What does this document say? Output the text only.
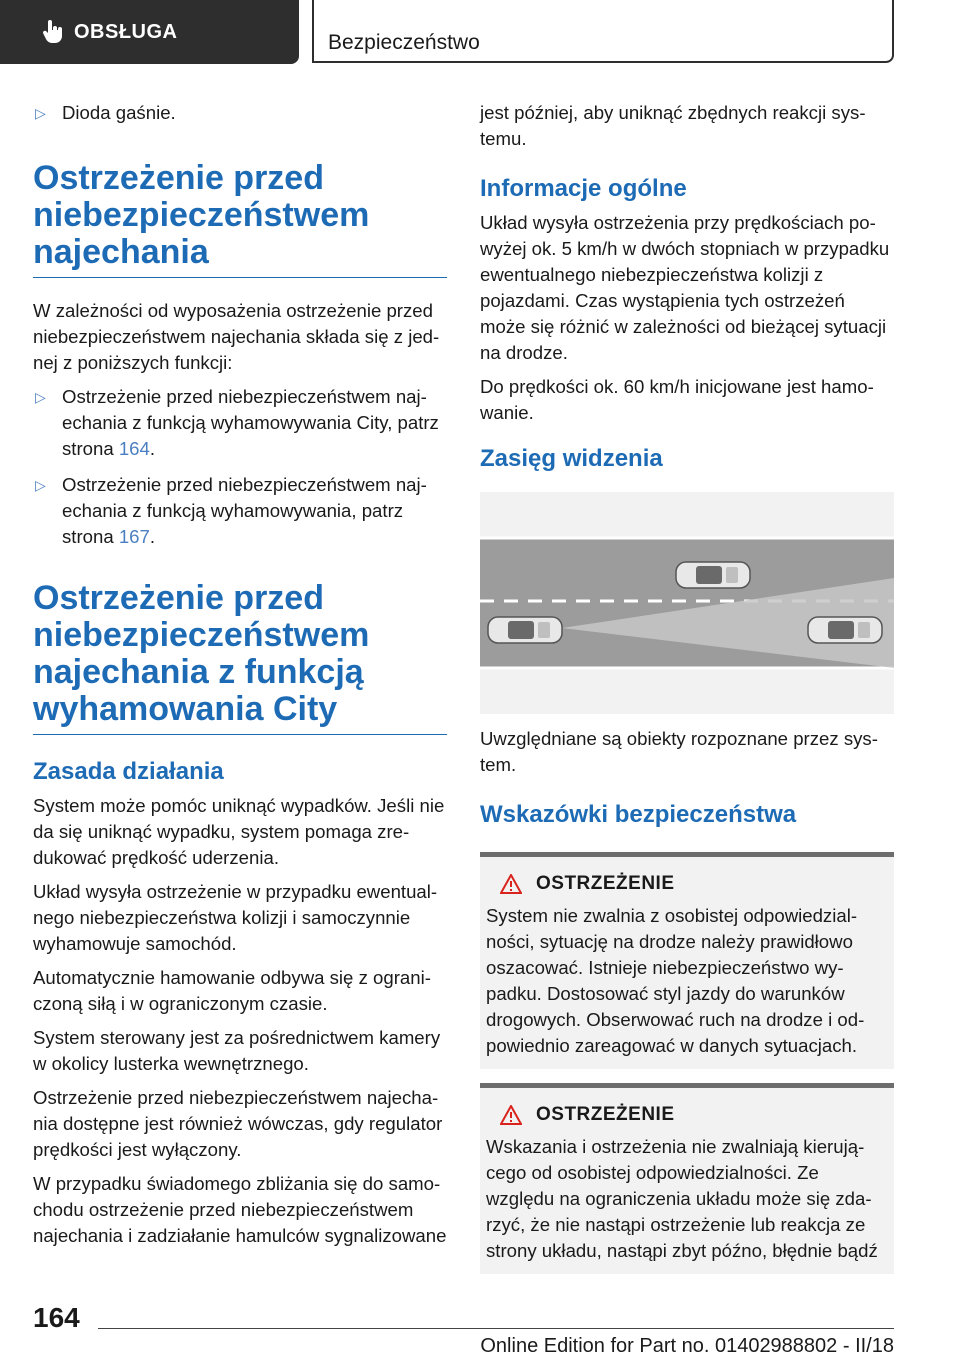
OBSŁUGA	Bezpieczeństwo
▷ Dioda gaśnie.
Ostrzeżenie przed
niebezpieczeństwem
najechania

W zależności od wyposażenia ostrzeżenie przed niebezpieczeństwem najechania składa się z jednej z poniższych funkcji:

▷ Ostrzeżenie przed niebezpieczeństwem najechania z funkcją wyhamowywania City, patrz strona 164.
▷ Ostrzeżenie przed niebezpieczeństwem najechania z funkcją wyhamowywania, patrz strona 167.
Ostrzeżenie przed
niebezpieczeństwem
najechania z funkcją
wyhamowania City
Zasada działania

System może pomóc uniknąć wypadków. Jeśli nie da się uniknąć wypadku, system pomaga zredukować prędkość uderzenia.

Układ wysyła ostrzeżenie w przypadku ewentualnego niebezpieczeństwa kolizji i samoczynnie wyhamowuje samochód.

Automatycznie hamowanie odbywa się z ograniczoną siłą i w ograniczonym czasie.

System sterowany jest za pośrednictwem kamery w okolicy lusterka wewnętrznego.

Ostrzeżenie przed niebezpieczeństwem najechania dostępne jest również wówczas, gdy regulator prędkości jest wyłączony.

W przypadku świadomego zbliżania się do samochodu ostrzeżenie przed niebezpieczeństwem najechania i zadziałanie hamulców sygnalizowane

jest później, aby uniknąć zbędnych reakcji systemu.

Informacje ogólne

Układ wysyła ostrzeżenia przy prędkościach powyżej ok. 5 km/h w dwóch stopniach w przypadku ewentualnego niebezpieczeństwa kolizji z pojazdami. Czas wystąpienia tych ostrzeżeń może się różnić w zależności od bieżącej sytuacji na drodze.

Do prędkości ok. 60 km/h inicjowane jest hamowanie.

Zasięg widzenia

Uwzględniane są obiekty rozpoznane przez system.

Wskazówki bezpieczeństwa
OSTRZEŻENIE

System nie zwalnia z osobistej odpowiedzialności, sytuację na drodze należy prawidłowo oszacować. Istnieje niebezpieczeństwo wypadku. Dostosować styl jazdy do warunków drogowych. Obserwować ruch na drodze i odpowiednio zareagować w danych sytuacjach.

OSTRZEŻENIE

Wskazania i ostrzeżenia nie zwalniają kierującego od osobistej odpowiedzialności. Ze względu na ograniczenia układu może się zdarzyć, że nie nastąpi ostrzeżenie lub reakcja ze strony układu, nastąpi zbyt późno, błędnie bądź

164
Online Edition for Part no. 01402988802 - II/18
